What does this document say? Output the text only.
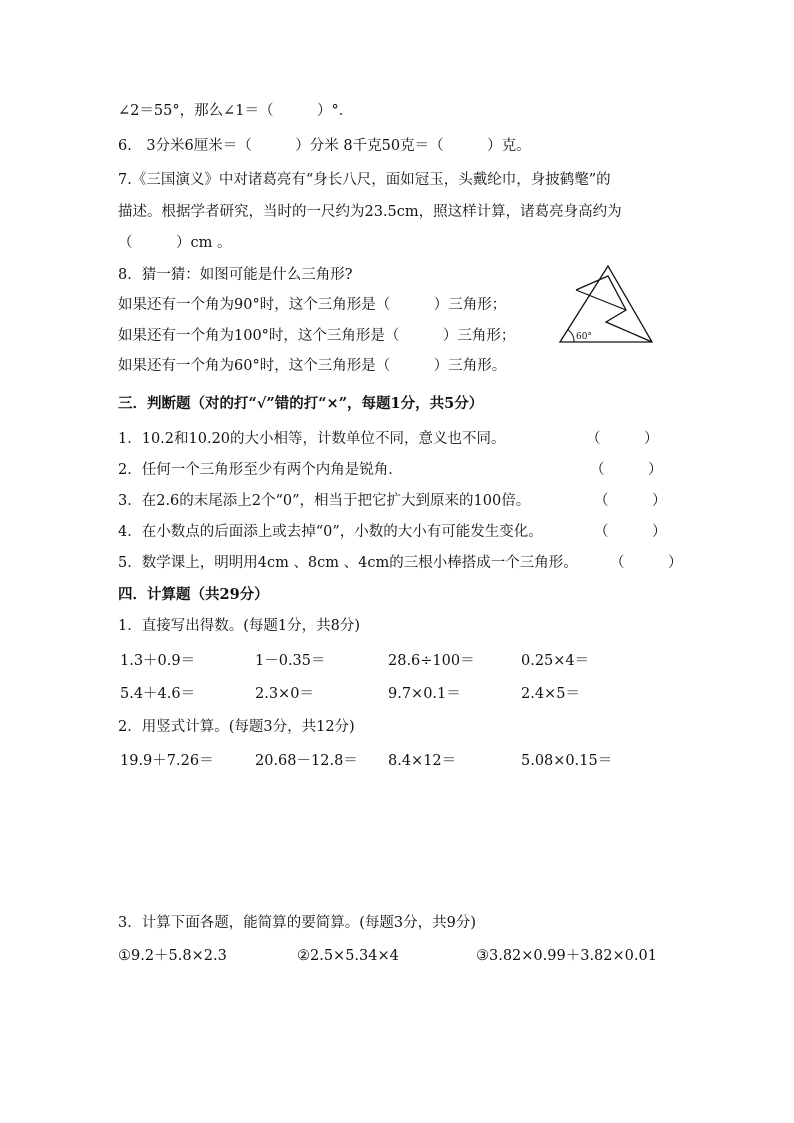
∠2＝55°，那么∠1＝（　　　）°．
6.　3分米6厘米＝（　　　）分米 8千克50克＝（　　　）克。
7.《三国演义》中对诸葛亮有“身长八尺，面如冠玉，头戴纶巾，身披鹤氅”的
描述。根据学者研究，当时的一尺约为23.5cm，照这样计算，诸葛亮身高约为
（　　　）cm 。
8．猜一猜：如图可能是什么三角形?
如果还有一个角为90°时，这个三角形是（　　　）三角形；
如果还有一个角为100°时，这个三角形是（　　　）三角形；
如果还有一个角为60°时，这个三角形是（　　　）三角形。
60°
三．判断题（对的打“√”错的打“×”，每题1分，共5分）
1．10.2和10.20的大小相等，计数单位不同，意义也不同。	（　　　）
2．任何一个三角形至少有两个内角是锐角．	（　　　）
3．在2.6的末尾添上2个“0”，相当于把它扩大到原来的100倍。	（　　　）
4．在小数点的后面添上或去掉“0”，小数的大小有可能发生变化。	（　　　）
5．数学课上，明明用4cm 、8cm 、4cm的三根小棒搭成一个三角形。 （　　　）
四．计算题（共29分）
1．直接写出得数。(每题1分，共8分)
1.3＋0.9＝	1－0.35＝	28.6÷100＝	0.25×4＝
5.4＋4.6＝	2.3×0＝	9.7×0.1＝	2.4×5＝
2．用竖式计算。(每题3分，共12分)
19.9＋7.26＝	20.68－12.8＝ 8.4×12＝	5.08×0.15＝
3．计算下面各题，能简算的要简算。(每题3分，共9分)
①9.2＋5.8×2.3	②2.5×5.34×4	③3.82×0.99＋3.82×0.01
